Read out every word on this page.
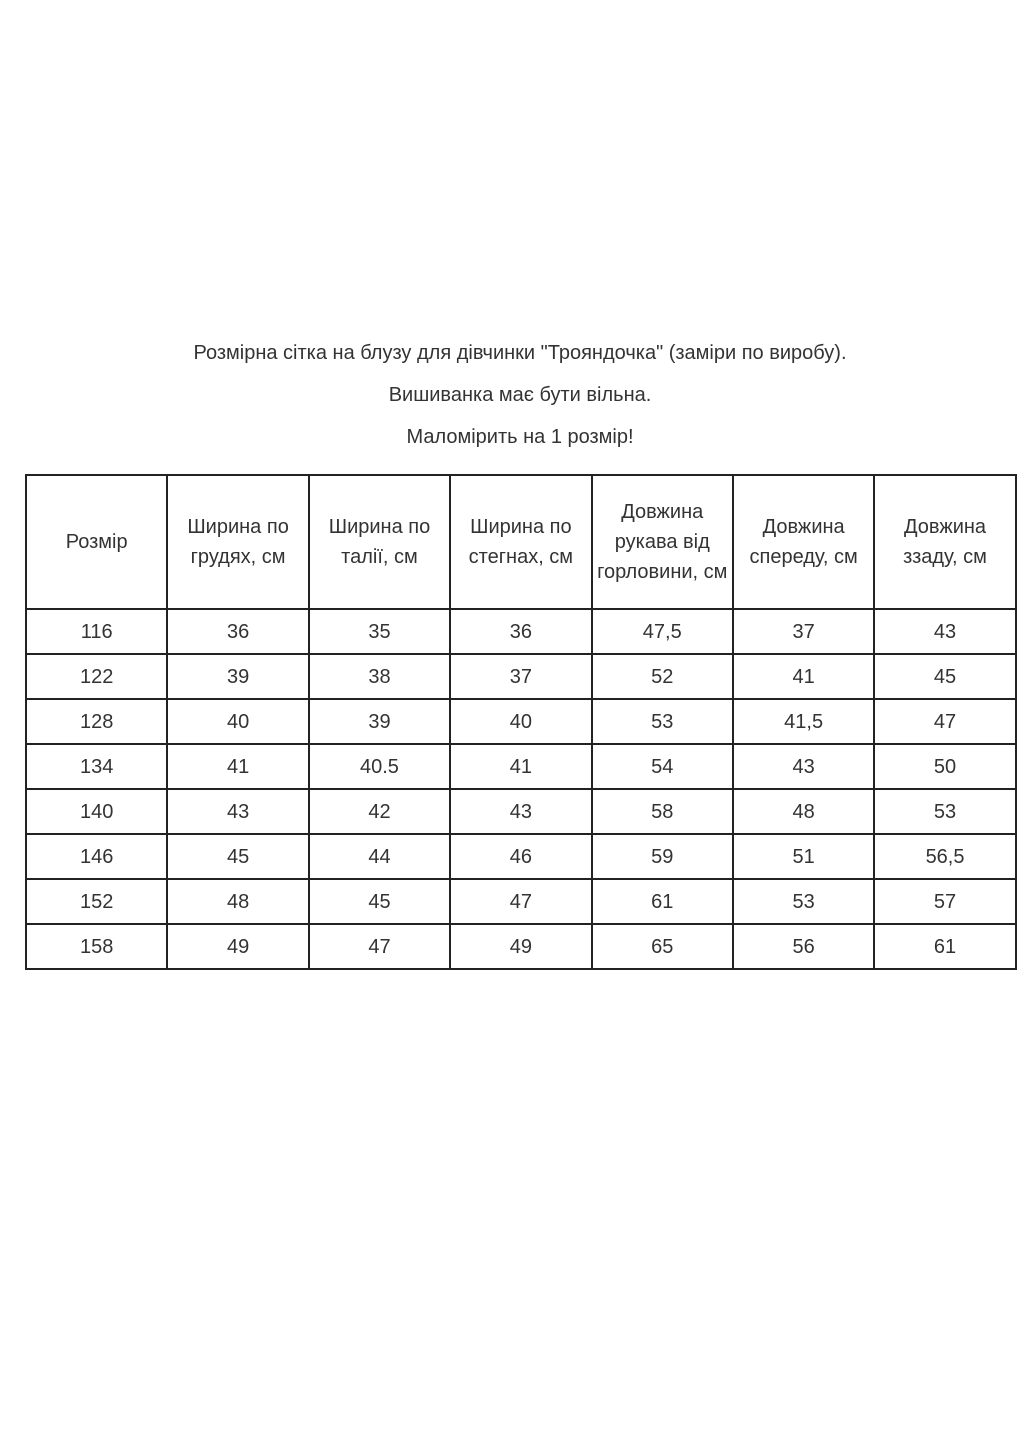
Розмірна сітка на блузу для дівчинки "Трояндочка" (заміри по виробу).

Вишиванка має бути вільна.

Маломірить на 1 розмір!

Розмір	Ширина по грудях, см	Ширина по талії, см	Ширина по стегнах, см	Довжина рукава від горловини, см	Довжина спереду, см	Довжина ззаду, см
116	36	35	36	47,5	37	43
122	39	38	37	52	41	45
128	40	39	40	53	41,5	47
134	41	40.5	41	54	43	50
140	43	42	43	58	48	53
146	45	44	46	59	51	56,5
152	48	45	47	61	53	57
158	49	47	49	65	56	61
